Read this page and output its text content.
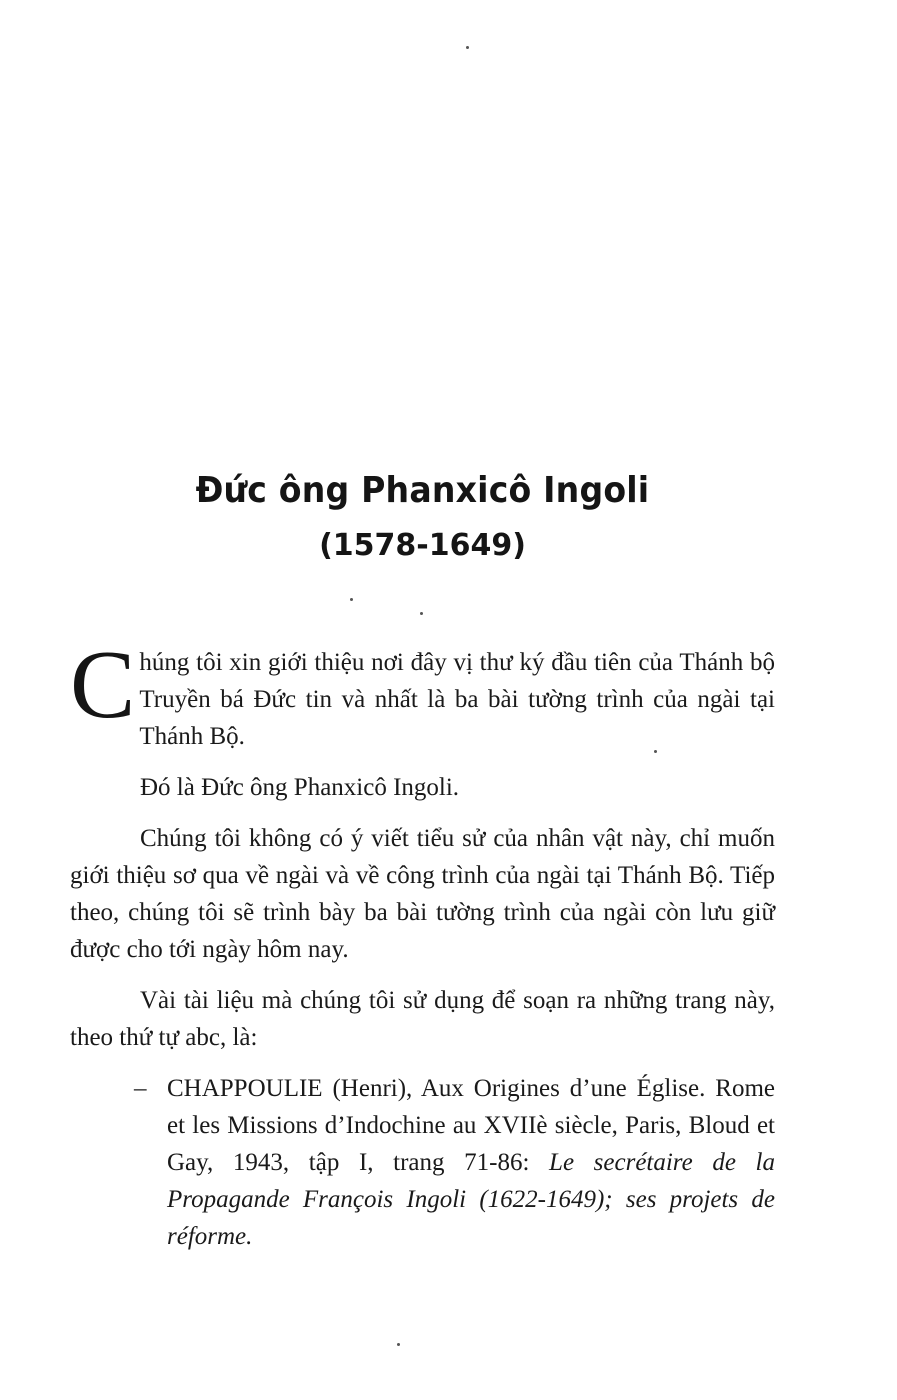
Đức ông Phanxicô Ingoli
(1578-1649)

Chúng tôi xin giới thiệu nơi đây vị thư ký đầu tiên của Thánh bộ Truyền bá Đức tin và nhất là ba bài tường trình của ngài tại Thánh Bộ.

Đó là Đức ông Phanxicô Ingoli.

Chúng tôi không có ý viết tiểu sử của nhân vật này, chỉ muốn giới thiệu sơ qua về ngài và về công trình của ngài tại Thánh Bộ. Tiếp theo, chúng tôi sẽ trình bày ba bài tường trình của ngài còn lưu giữ được cho tới ngày hôm nay.

Vài tài liệu mà chúng tôi sử dụng để soạn ra những trang này, theo thứ tự abc, là:

– CHAPPOULIE (Henri), Aux Origines d’une Église. Rome et les Missions d’Indochine au XVIIè siècle, Paris, Bloud et Gay, 1943, tập I, trang 71-86: Le secrétaire de la Propagande François Ingoli (1622-1649); ses projets de réforme.
